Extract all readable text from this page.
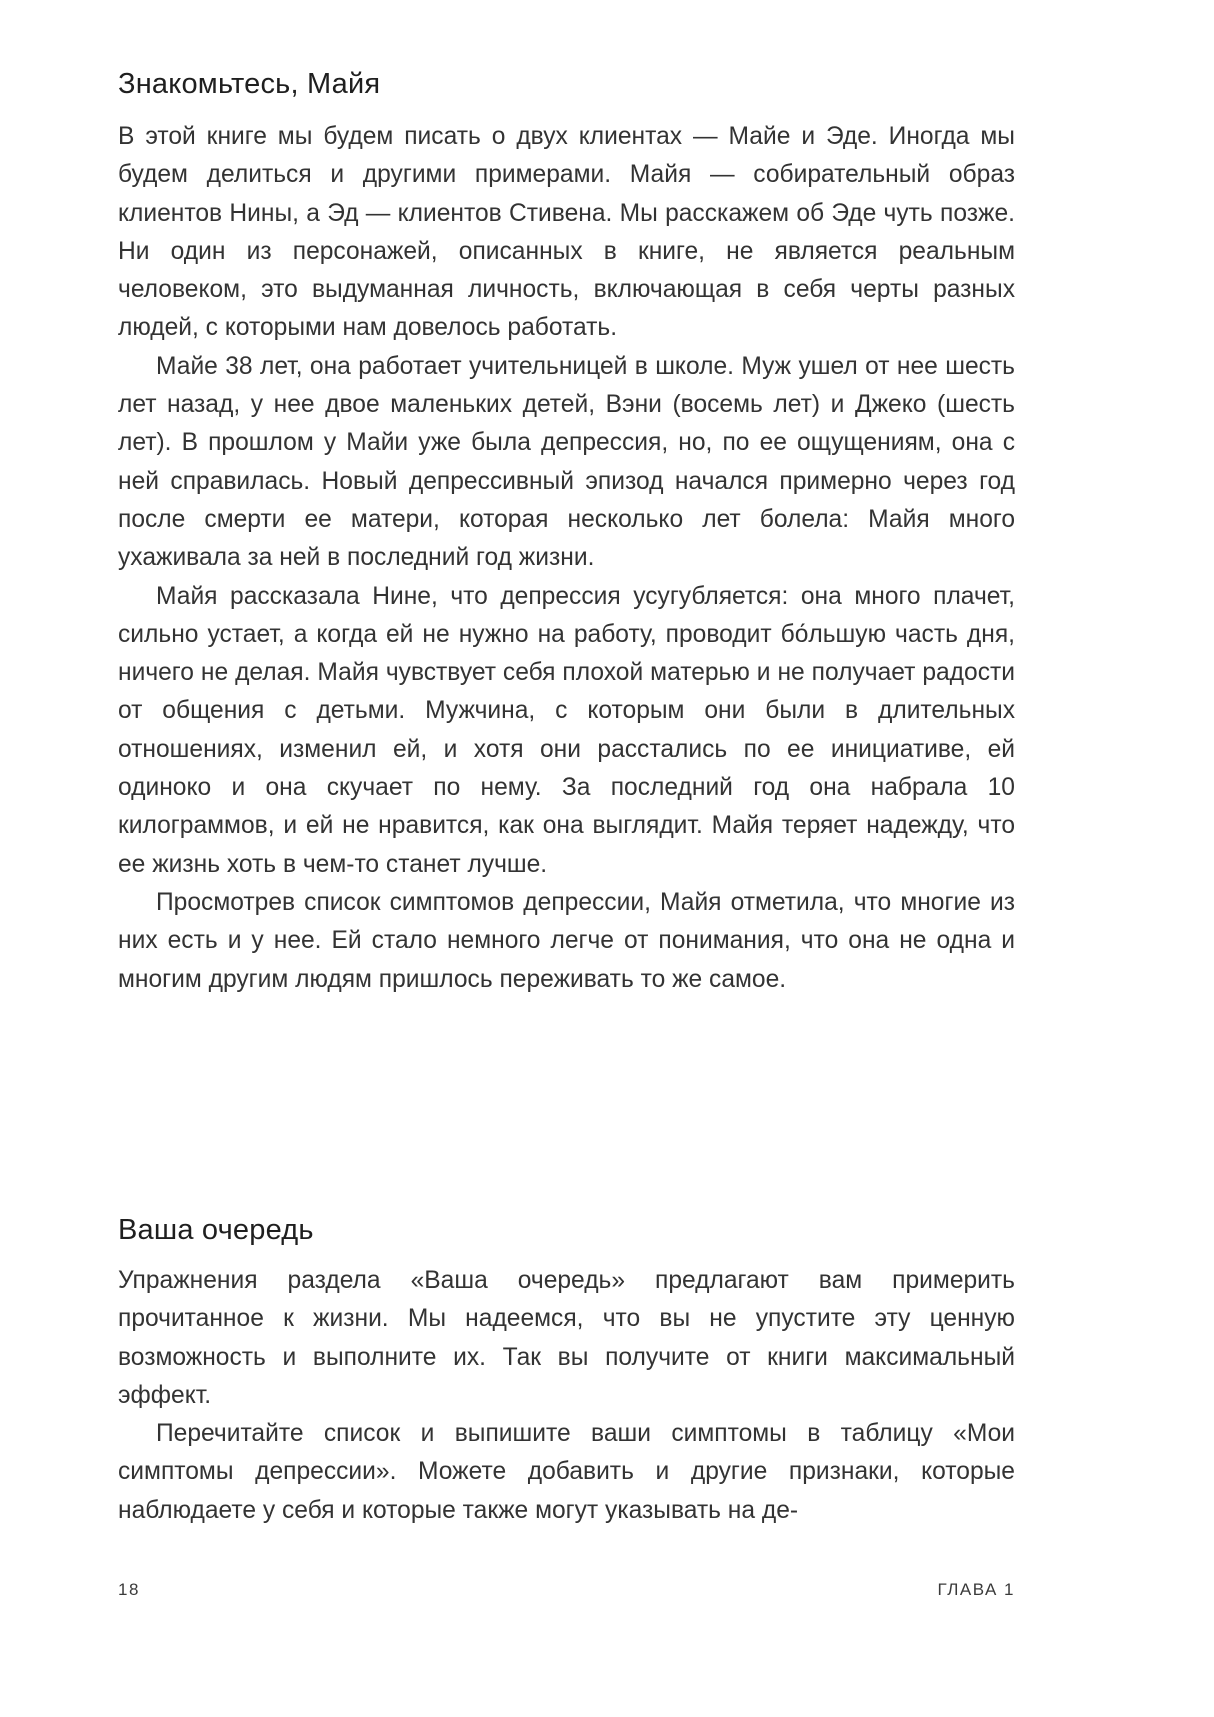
Знакомьтесь, Майя

В этой книге мы будем писать о двух клиентах — Майе и Эде. Иногда мы будем делиться и другими примерами. Майя — собирательный образ клиентов Нины, а Эд — клиентов Стивена. Мы расскажем об Эде чуть позже. Ни один из персонажей, описанных в книге, не является реальным человеком, это выдуманная личность, включающая в себя черты разных людей, с которыми нам довелось работать.

Майе 38 лет, она работает учительницей в школе. Муж ушел от нее шесть лет назад, у нее двое маленьких детей, Вэни (восемь лет) и Джеко (шесть лет). В прошлом у Майи уже была депрессия, но, по ее ощущениям, она с ней справилась. Новый депрессивный эпизод начался примерно через год после смерти ее матери, которая несколько лет болела: Майя много ухаживала за ней в последний год жизни.

Майя рассказала Нине, что депрессия усугубляется: она много плачет, сильно устает, а когда ей не нужно на работу, проводит бо́льшую часть дня, ничего не делая. Майя чувствует себя плохой матерью и не получает радости от общения с детьми. Мужчина, с которым они были в длительных отношениях, изменил ей, и хотя они расстались по ее инициативе, ей одиноко и она скучает по нему. За последний год она набрала 10 килограммов, и ей не нравится, как она выглядит. Майя теряет надежду, что ее жизнь хоть в чем-то станет лучше.

Просмотрев список симптомов депрессии, Майя отметила, что многие из них есть и у нее. Ей стало немного легче от понимания, что она не одна и многим другим людям пришлось переживать то же самое.

Ваша очередь

Упражнения раздела «Ваша очередь» предлагают вам примерить прочитанное к жизни. Мы надеемся, что вы не упустите эту ценную возможность и выполните их. Так вы получите от книги максимальный эффект.

Перечитайте список и выпишите ваши симптомы в таблицу «Мои симптомы депрессии». Можете добавить и другие признаки, которые наблюдаете у себя и которые также могут указывать на де-

18	ГЛАВА 1
